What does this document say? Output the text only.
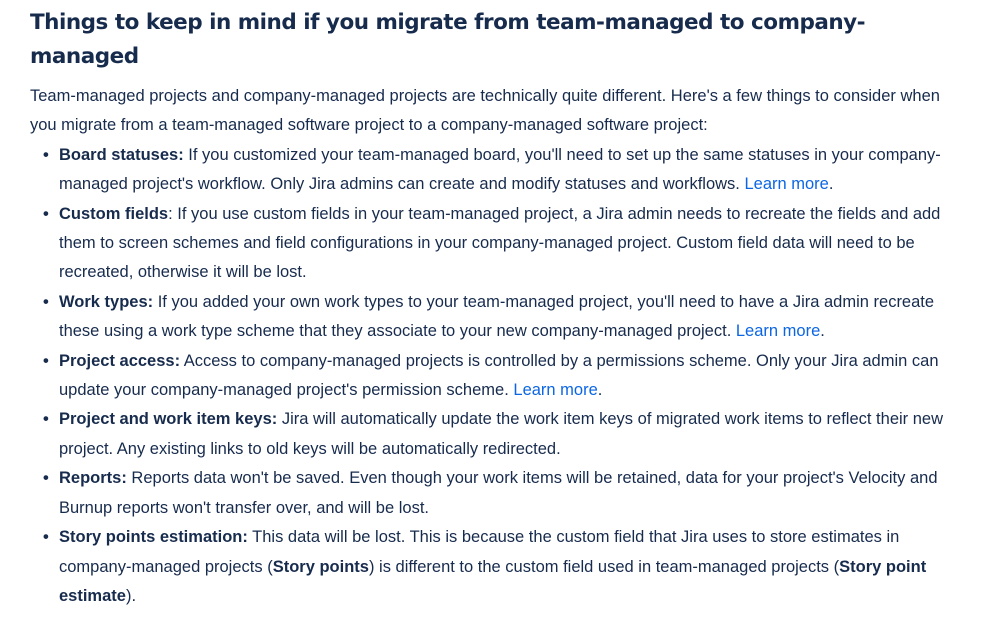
Things to keep in mind if you migrate from team-managed to company-managed

Team-managed projects and company-managed projects are technically quite different. Here's a few things to consider when you migrate from a team-managed software project to a company-managed software project:

• Board statuses: If you customized your team-managed board, you'll need to set up the same statuses in your company-managed project's workflow. Only Jira admins can create and modify statuses and workflows. Learn more.
• Custom fields: If you use custom fields in your team-managed project, a Jira admin needs to recreate the fields and add them to screen schemes and field configurations in your company-managed project. Custom field data will need to be recreated, otherwise it will be lost.
• Work types: If you added your own work types to your team-managed project, you'll need to have a Jira admin recreate these using a work type scheme that they associate to your new company-managed project. Learn more.
• Project access: Access to company-managed projects is controlled by a permissions scheme. Only your Jira admin can update your company-managed project's permission scheme. Learn more.
• Project and work item keys: Jira will automatically update the work item keys of migrated work items to reflect their new project. Any existing links to old keys will be automatically redirected.
• Reports: Reports data won't be saved. Even though your work items will be retained, data for your project's Velocity and Burnup reports won't transfer over, and will be lost.
• Story points estimation: This data will be lost. This is because the custom field that Jira uses to store estimates in company-managed projects (Story points) is different to the custom field used in team-managed projects (Story point estimate).
